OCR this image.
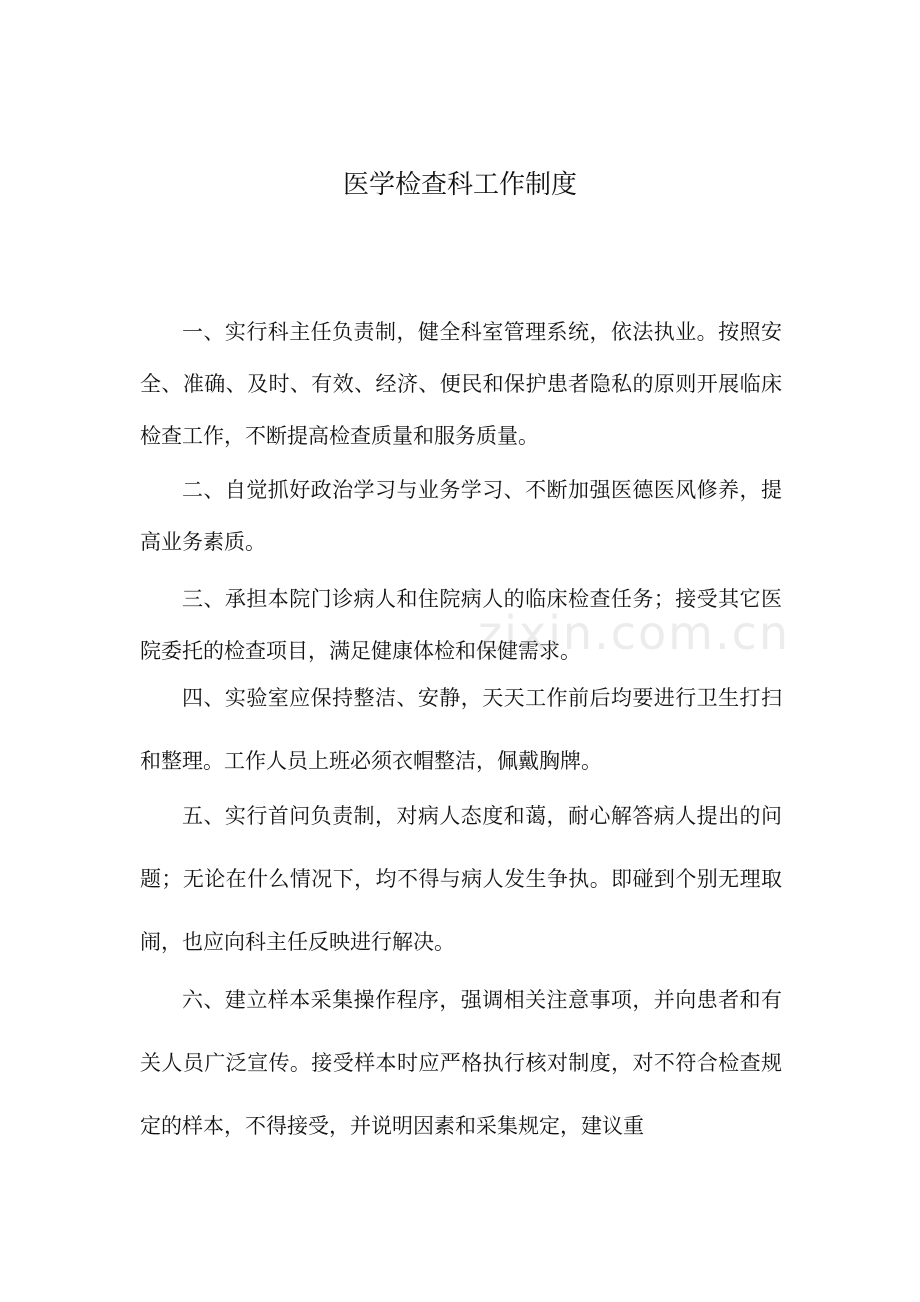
医学检查科工作制度

一、实行科主任负责制，健全科室管理系统，依法执业。按照安全、准确、及时、有效、经济、便民和保护患者隐私的原则开展临床检查工作，不断提高检查质量和服务质量。

二、自觉抓好政治学习与业务学习、不断加强医德医风修养，提高业务素质。

三、承担本院门诊病人和住院病人的临床检查任务；接受其它医院委托的检查项目，满足健康体检和保健需求。

四、实验室应保持整洁、安静，天天工作前后均要进行卫生打扫和整理。工作人员上班必须衣帽整洁，佩戴胸牌。

五、实行首问负责制，对病人态度和蔼，耐心解答病人提出的问题；无论在什么情况下，均不得与病人发生争执。即碰到个别无理取闹，也应向科主任反映进行解决。

六、建立样本采集操作程序，强调相关注意事项，并向患者和有关人员广泛宣传。接受样本时应严格执行核对制度，对不符合检查规定的样本，不得接受，并说明因素和采集规定，建议重

zixin.com.cn
